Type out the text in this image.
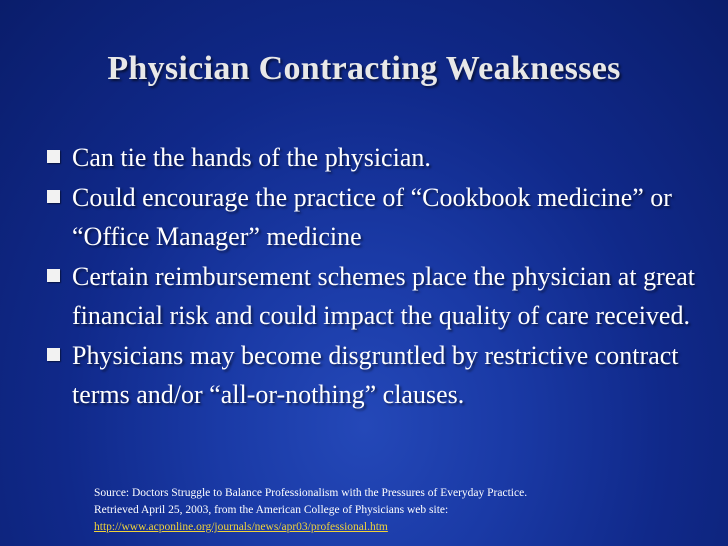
Physician Contracting Weaknesses
Can tie the hands of the physician.
Could encourage the practice of “Cookbook medicine” or “Office Manager” medicine
Certain reimbursement schemes place the physician at great financial risk and could impact the quality of care received.
Physicians may become disgruntled by restrictive contract terms and/or “all-or-nothing” clauses.
Source: Doctors Struggle to Balance Professionalism with the Pressures of Everyday Practice.
Retrieved April 25, 2003, from the American College of Physicians web site:
http://www.acponline.org/journals/news/apr03/professional.htm
